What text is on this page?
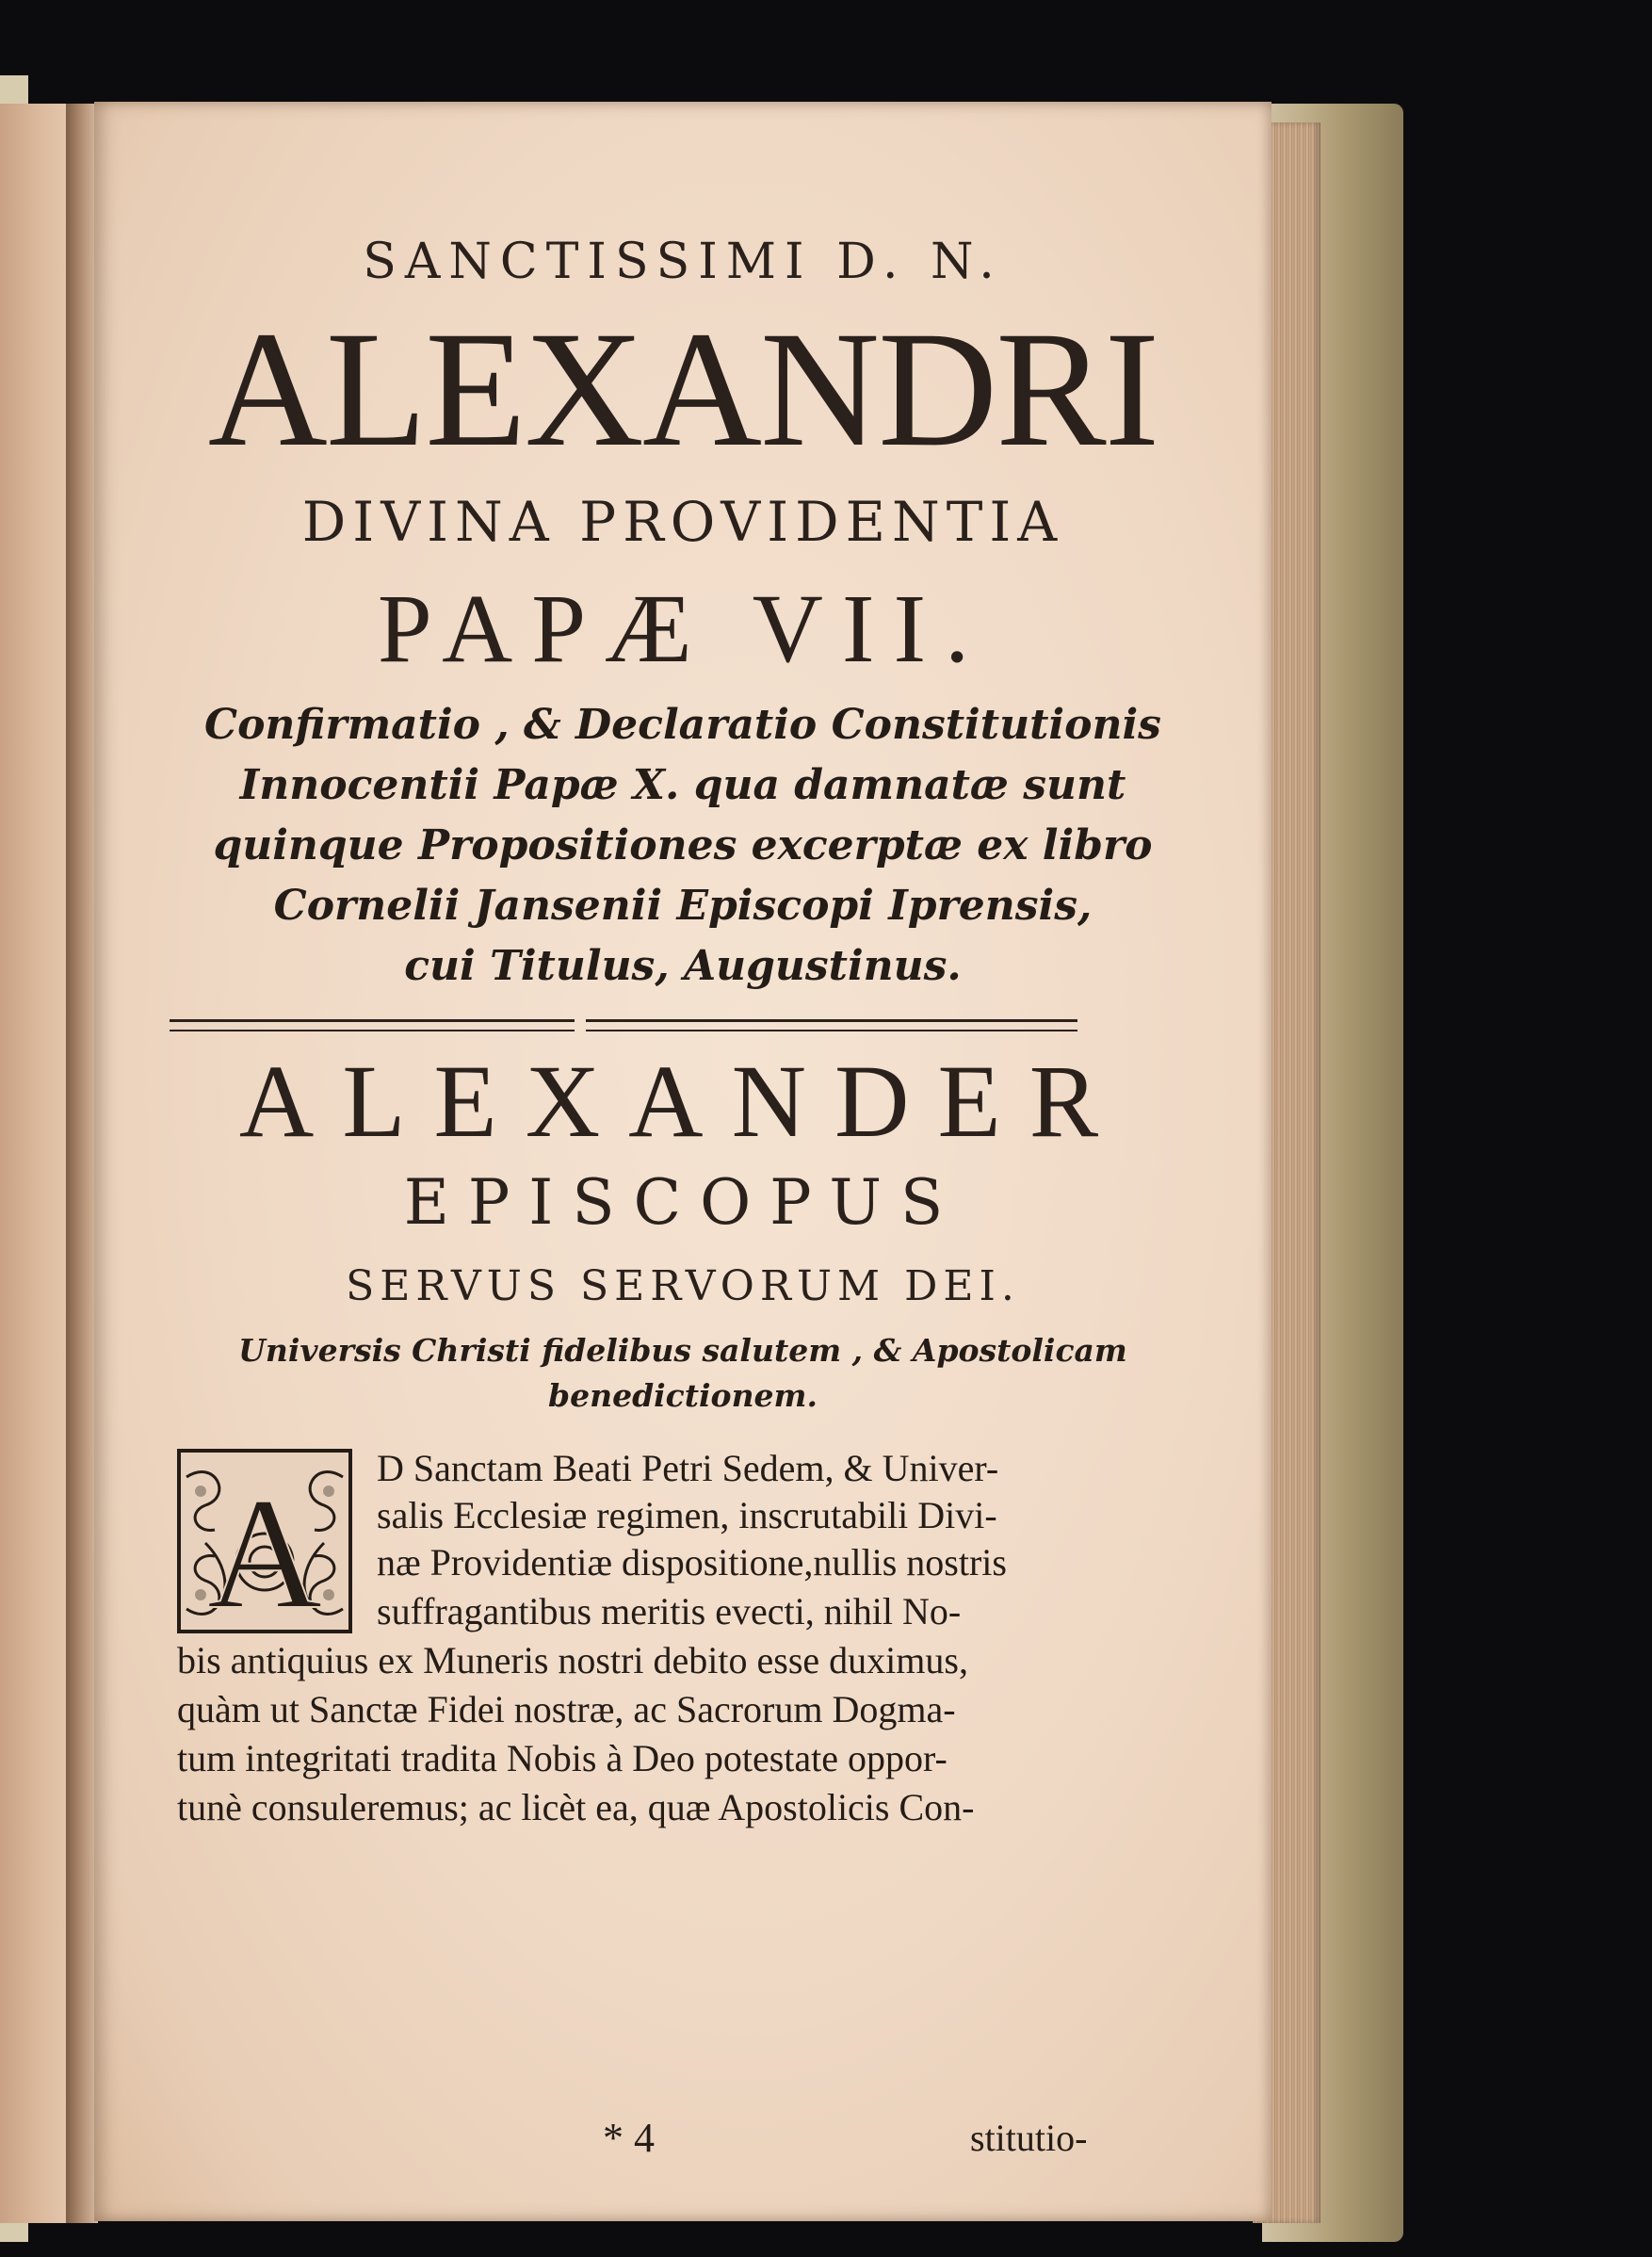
SANCTISSIMI D. N.
ALEXANDRI
DIVINA PROVIDENTIA
PAPÆ VII.
Confirmatio , & Declaratio Constitutionis
Innocentii Papæ X. qua damnatæ sunt
quinque Propositiones excerptæ ex libro
Cornelii Jansenii Episcopi Iprensis,
cui Titulus, Augustinus.
ALEXANDER
EPISCOPUS
SERVUS SERVORUM DEI.
Universis Christi fidelibus salutem , & Apostolicam
benedictionem.
A D Sanctam Beati Petri Sedem, & Univer-
salis Ecclesiæ regimen, inscrutabili Divi-
næ Providentiæ dispositione,nullis nostris
suffragantibus meritis evecti, nihil No-
bis antiquius ex Muneris nostri debito esse duximus,
quàm ut Sanctæ Fidei nostræ, ac Sacrorum Dogma-
tum integritati tradita Nobis à Deo potestate oppor-
tunè consuleremus; ac licèt ea, quæ Apostolicis Con-
* 4	stitutio-
